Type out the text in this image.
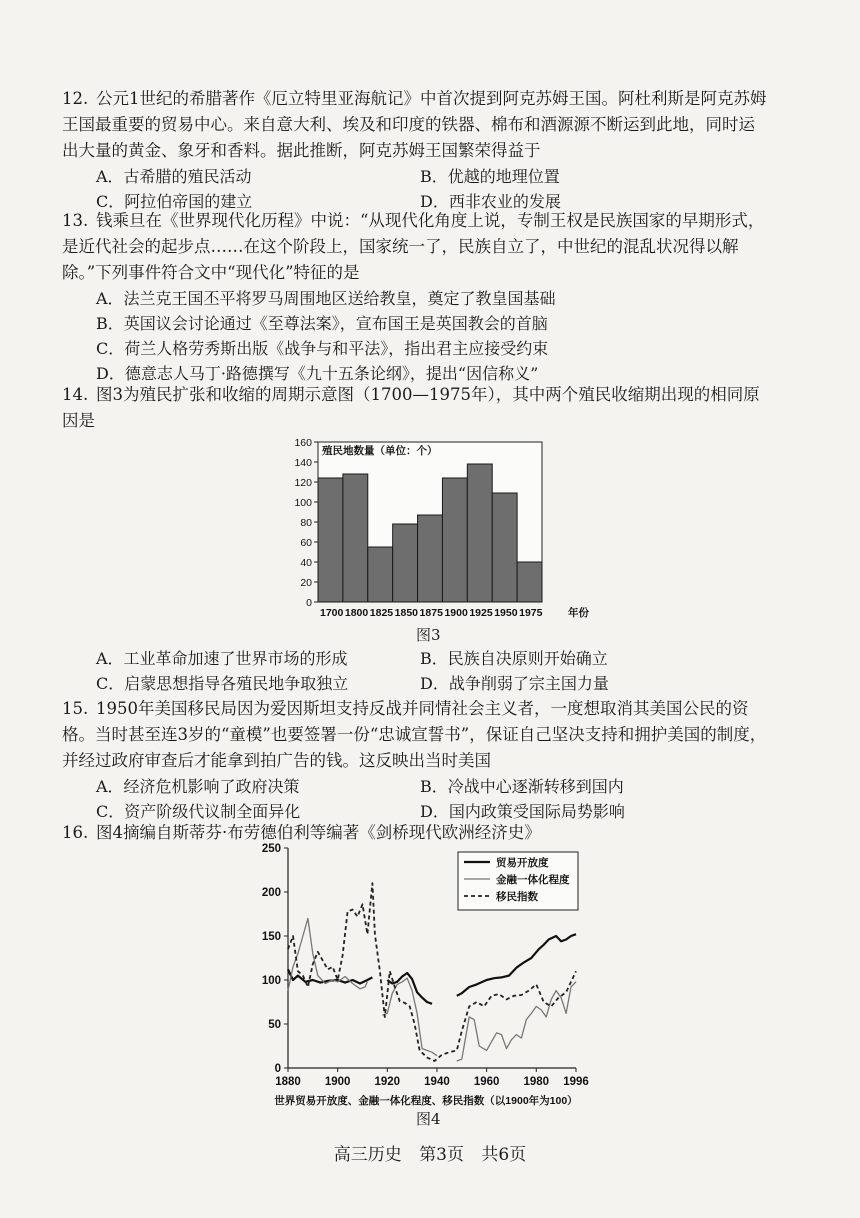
12. 公元1世纪的希腊著作《厄立特里亚海航记》中首次提到阿克苏姆王国。阿杜利斯是阿克苏姆王国最重要的贸易中心。来自意大利、埃及和印度的铁器、棉布和酒源源不断运到此地，同时运出大量的黄金、象牙和香料。据此推断，阿克苏姆王国繁荣得益于
A．古希腊的殖民活动	B．优越的地理位置
C．阿拉伯帝国的建立	D．西非农业的发展
13. 钱乘旦在《世界现代化历程》中说：“从现代化角度上说，专制王权是民族国家的早期形式，是近代社会的起步点……在这个阶段上，国家统一了，民族自立了，中世纪的混乱状况得以解除。”下列事件符合文中“现代化”特征的是
A．法兰克王国丕平将罗马周围地区送给教皇，奠定了教皇国基础
B．英国议会讨论通过《至尊法案》，宣布国王是英国教会的首脑
C．荷兰人格劳秀斯出版《战争与和平法》，指出君主应接受约束
D．德意志人马丁·路德撰写《九十五条论纲》，提出“因信称义”
14. 图3为殖民扩张和收缩的周期示意图（1700—1975年），其中两个殖民收缩期出现的相同原因是
0
20
40
60
80
100
120
140
160
殖民地数量（单位：个）
1700 1800 1825 1850 1875 1900 1925 1950 1975 年份
图3
A．工业革命加速了世界市场的形成	B．民族自决原则开始确立
C．启蒙思想指导各殖民地争取独立	D．战争削弱了宗主国力量
15. 1950年美国移民局因为爱因斯坦支持反战并同情社会主义者，一度想取消其美国公民的资格。当时甚至连3岁的“童模”也要签署一份“忠诚宣誓书”，保证自己坚决支持和拥护美国的制度，并经过政府审查后才能拿到拍广告的钱。这反映出当时美国
A．经济危机影响了政府决策	B．冷战中心逐渐转移到国内
C．资产阶级代议制全面异化	D．国内政策受国际局势影响
16. 图4摘编自斯蒂芬·布劳德伯利等编著《剑桥现代欧洲经济史》
0
50
100
150
200
250
1880 1900 1920 1940 1960 1980 1996
世界贸易开放度、金融一体化程度、移民指数（以1900年为100）
贸易开放度
金融一体化程度
移民指数
图4
高三历史 第3页 共6页
